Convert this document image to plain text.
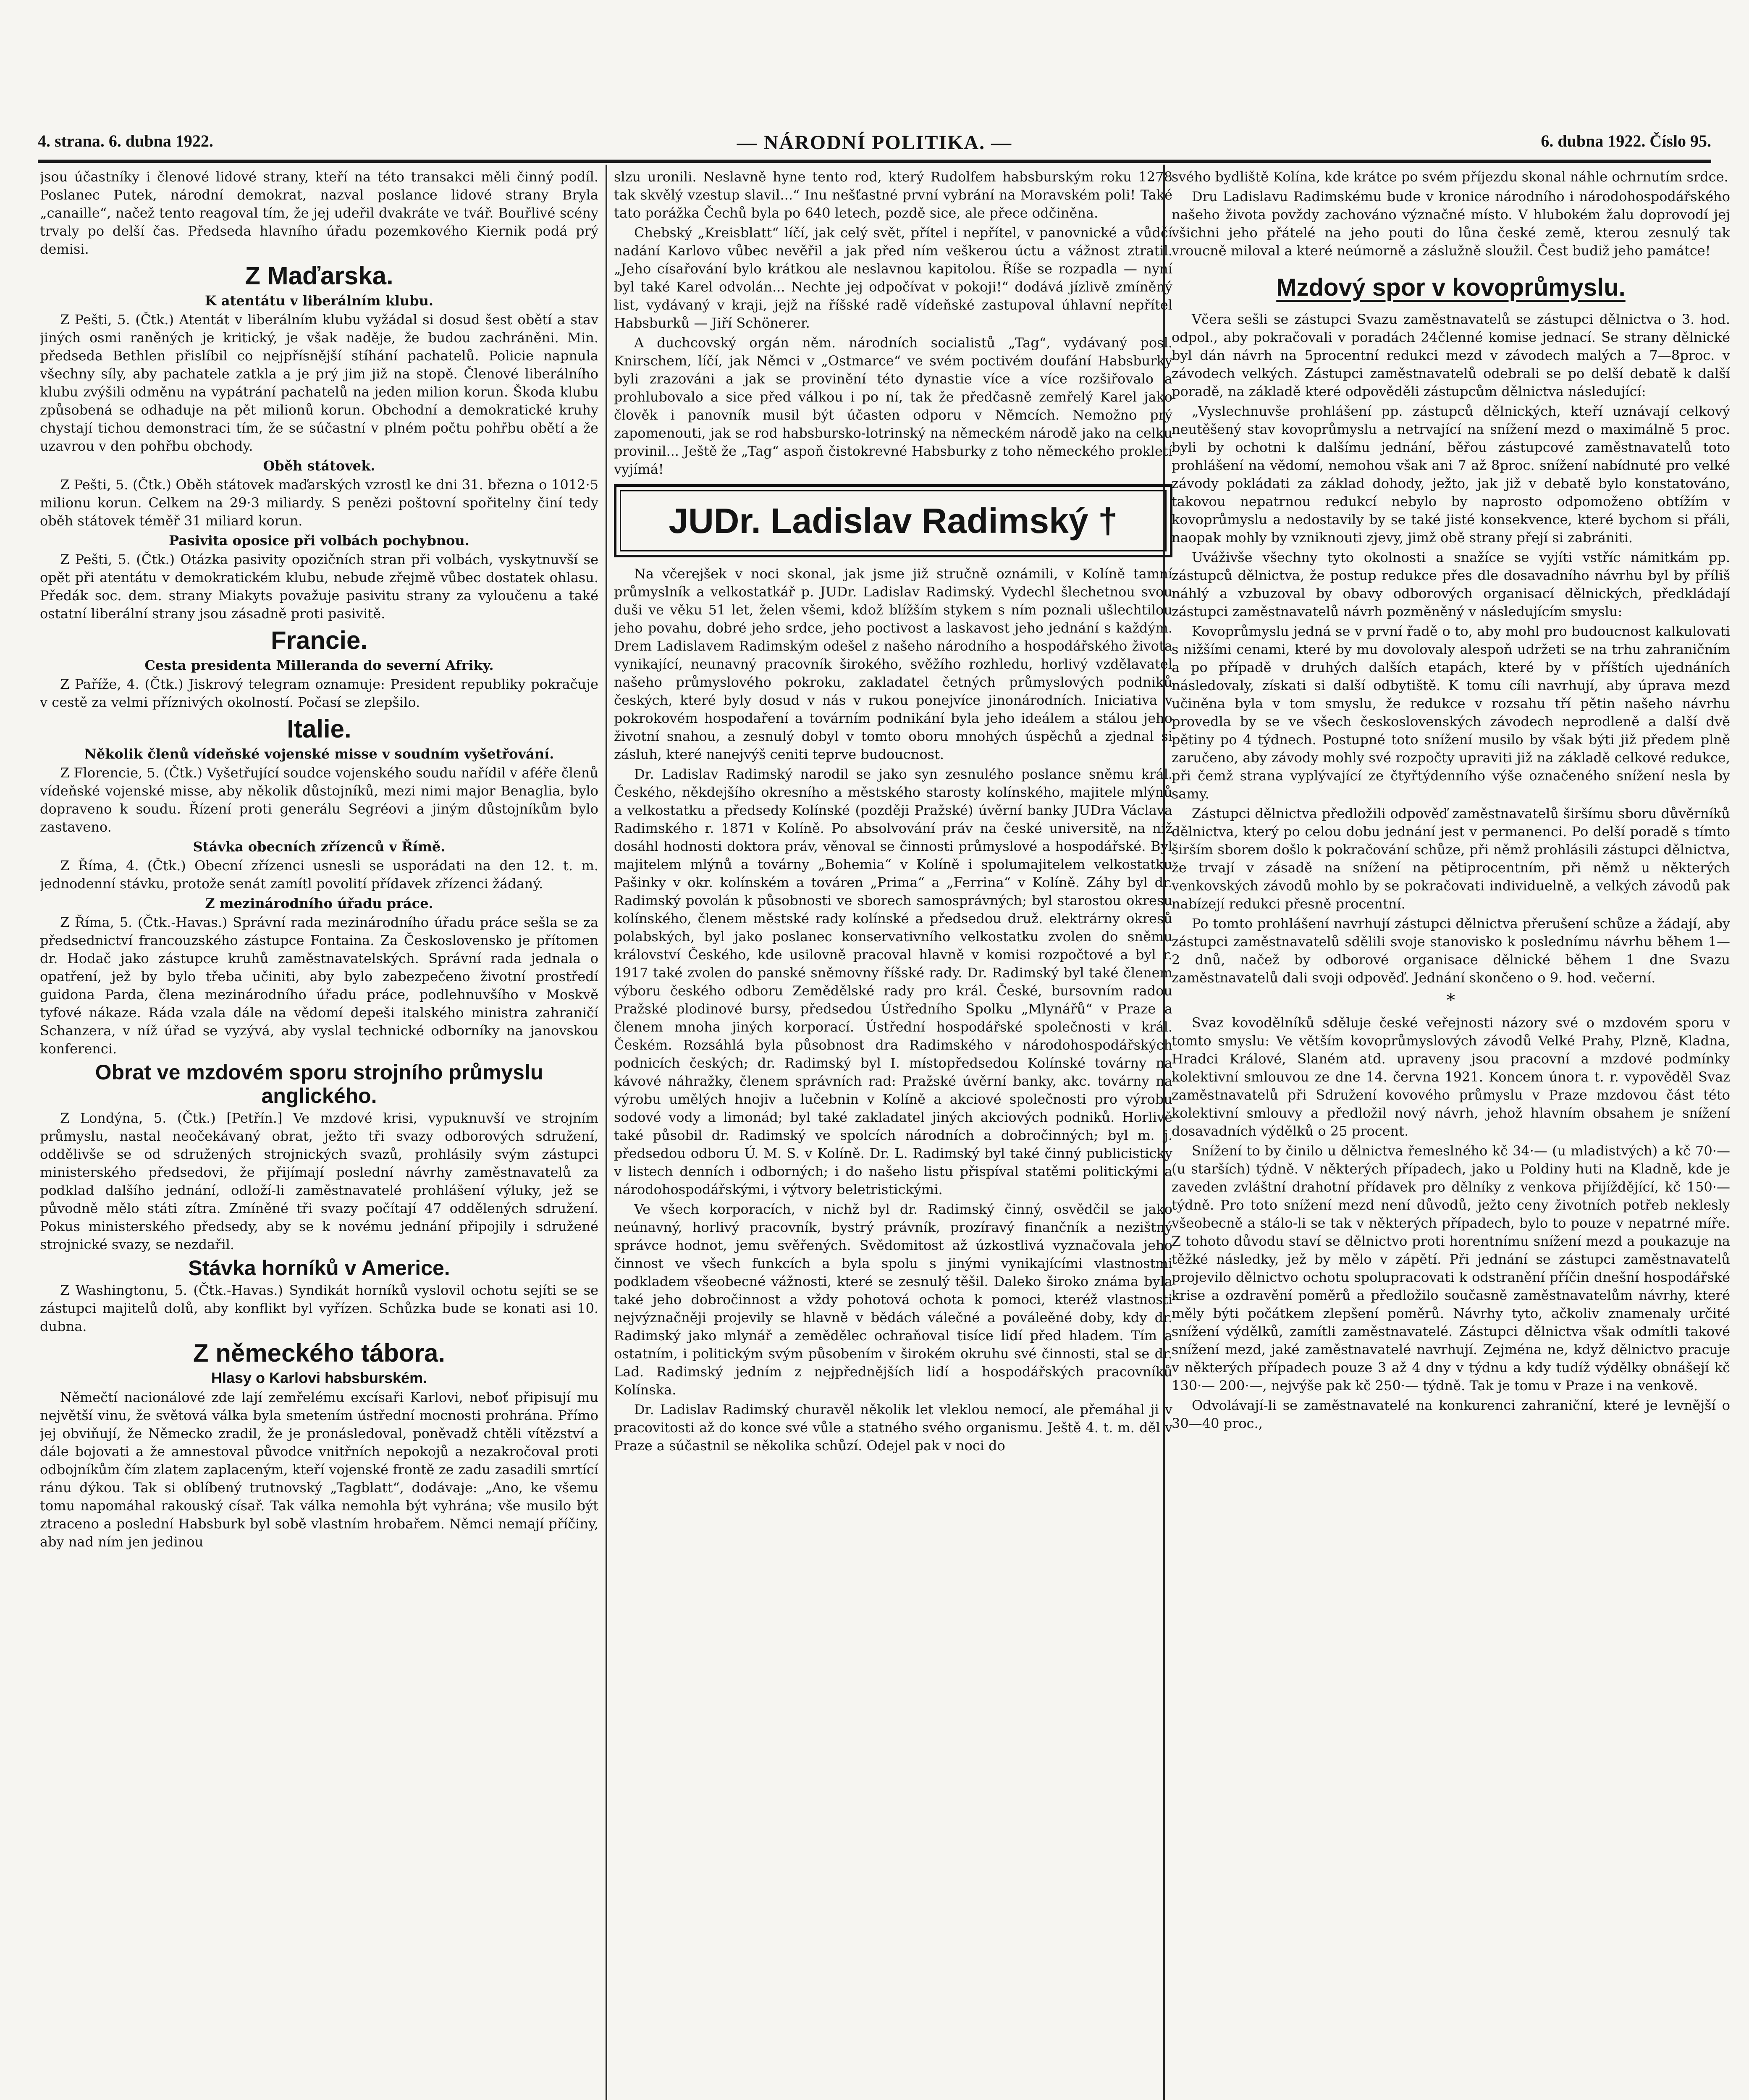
4. strana. 6. dubna 1922.	— NÁRODNÍ POLITIKA. —	6. dubna 1922. Číslo 95.

jsou účastníky i členové lidové strany, kteří na této transakci měli činný podíl. Poslanec Putek, národní demokrat, nazval poslance lidové strany Bryla „canaille“, načež tento reagoval tím, že jej udeřil dvakráte ve tvář. Bouřlivé scény trvaly po delší čas. Předseda hlavního úřadu pozemkového Kiernik podá prý demisi.

Z Maďarska.
K atentátu v liberálním klubu.

Z Pešti, 5. (Čtk.) Atentát v liberálním klubu vyžádal si dosud šest obětí a stav jiných osmi raněných je kritický, je však naděje, že budou zachráněni. Min. předseda Bethlen přislíbil co nejpřísnější stíhání pachatelů. Policie napnula všechny síly, aby pachatele zatkla a je prý jim již na stopě. Členové liberálního klubu zvýšili odměnu na vypátrání pachatelů na jeden milion korun. Škoda klubu způsobená se odhaduje na pět milionů korun. Obchodní a demokratické kruhy chystají tichou demonstraci tím, že se súčastní v plném počtu pohřbu obětí a že uzavrou v den pohřbu obchody.

Oběh státovek.

Z Pešti, 5. (Čtk.) Oběh státovek maďarských vzrostl ke dni 31. března o 1012·5 milionu korun. Celkem na 29·3 miliardy. S penězi poštovní spořitelny činí tedy oběh státovek téměř 31 miliard korun.

Pasivita oposice při volbách pochybnou.

Z Pešti, 5. (Čtk.) Otázka pasivity opozičních stran při volbách, vyskytnuvší se opět při atentátu v demokratickém klubu, nebude zřejmě vůbec dostatek ohlasu. Předák soc. dem. strany Miakyts považuje pasivitu strany za vyloučenu a také ostatní liberální strany jsou zásadně proti pasivitě.

Francie.
Cesta presidenta Milleranda do severní Afriky.

Z Paříže, 4. (Čtk.) Jiskrový telegram oznamuje: President republiky pokračuje v cestě za velmi příznivých okolností. Počasí se zlepšilo.

Italie.
Několik členů vídeňské vojenské misse v soudním vyšetřování.

Z Florencie, 5. (Čtk.) Vyšetřující soudce vojenského soudu nařídil v aféře členů vídeňské vojenské misse, aby několik důstojníků, mezi nimi major Benaglia, bylo dopraveno k soudu. Řízení proti generálu Segréovi a jiným důstojníkům bylo zastaveno.

Stávka obecních zřízenců v Římě.

Z Říma, 4. (Čtk.) Obecní zřízenci usnesli se usporádati na den 12. t. m. jednodenní stávku, protože senát zamítl povolití přídavek zřízenci žádaný.

Z mezinárodního úřadu práce.

Z Říma, 5. (Čtk.-Havas.) Správní rada mezinárodního úřadu práce sešla se za předsednictví francouzského zástupce Fontaina. Za Československo je přítomen dr. Hodač jako zástupce kruhů zaměstnavatelských. Správní rada jednala o opatření, jež by bylo třeba učiniti, aby bylo zabezpečeno životní prostředí guidona Parda, člena mezinárodního úřadu práce, podlehnuvšího v Moskvě tyfové nákaze. Ráda vzala dále na vědomí depeši italského ministra zahraničí Schanzera, v níž úřad se vyzývá, aby vyslal technické odborníky na janovskou konferenci.

Obrat ve mzdovém sporu strojního průmyslu anglického.

Z Londýna, 5. (Čtk.) [Petřín.] Ve mzdové krisi, vypuknuvší ve strojním průmyslu, nastal neočekávaný obrat, ježto tři svazy odborových sdružení, oddělivše se od sdružených strojnických svazů, prohlásily svým zástupci ministerského předsedovi, že přijímají poslední návrhy zaměstnavatelů za podklad dalšího jednání, odloží-li zaměstnavatelé prohlášení výluky, jež se původně mělo státi zítra. Zmíněné tři svazy počítají 47 oddělených sdružení. Pokus ministerského předsedy, aby se k novému jednání připojily i sdružené strojnické svazy, se nezdařil.

Stávka horníků v Americe.

Z Washingtonu, 5. (Čtk.-Havas.) Syndikát horníků vyslovil ochotu sejíti se se zástupci majitelů dolů, aby konflikt byl vyřízen. Schůzka bude se konati asi 10. dubna.

Z německého tábora.
Hlasy o Karlovi habsburském.

Němečtí nacionálové zde lají zemřelému excísaři Karlovi, neboť připisují mu největší vinu, že světová válka byla smetením ústřední mocnosti prohrána. Přímo jej obviňují, že Německo zradil, že je pronásledoval, poněvadž chtěli vítězství a dále bojovati a že amnestoval původce vnitřních nepokojů a nezakročoval proti odbojníkům čím zlatem zaplaceným, kteří vojenské frontě ze zadu zasadili smrtící ránu dýkou. Tak si oblíbený trutnovský „Tagblatt“, dodávaje: „Ano, ke všemu tomu napomáhal rakouský císař. Tak válka nemohla být vyhrána; vše musilo být ztraceno a poslední Habsburk byl sobě vlastním hrobařem. Němci nemají příčiny, aby nad ním jen jedinou

slzu uronili. Neslavně hyne tento rod, který Rudolfem habsburským roku 1278 tak skvělý vzestup slavil...“ Inu nešťastné první vybrání na Moravském poli! Také tato porážka Čechů byla po 640 letech, pozdě sice, ale přece odčiněna.

Chebský „Kreisblatt“ líčí, jak celý svět, přítel i nepřítel, v panovnické a vůdčí nadání Karlovo vůbec nevěřil a jak před ním veškerou úctu a vážnost ztratil. „Jeho císařování bylo krátkou ale neslavnou kapitolou. Říše se rozpadla — nyní byl také Karel odvolán... Nechte jej odpočívat v pokoji!“ dodává jízlivě zmíněný list, vydávaný v kraji, jejž na říšské radě vídeňské zastupoval úhlavní nepřítel Habsburků — Jiří Schönerer.

A duchcovský orgán něm. národních socialistů „Tag“, vydávaný posl. Knirschem, líčí, jak Němci v „Ostmarce“ ve svém poctivém doufání Habsburky byli zrazováni a jak se provinění této dynastie více a více rozšiřovalo a prohlubovalo a sice před válkou i po ní, tak že předčasně zemřelý Karel jako člověk i panovník musil být účasten odporu v Němcích. Nemožno prý zapomenouti, jak se rod habsbursko-lotrinský na německém národě jako na celku provinil... Ještě že „Tag“ aspoň čistokrevné Habsburky z toho německého prokletí vyjímá!

JUDr. Ladislav Radimský †

Na včerejšek v noci skonal, jak jsme již stručně oznámili, v Kolíně tamní průmyslník a velkostatkář p. JUDr. Ladislav Radimský. Vydechl šlechetnou svou duši ve věku 51 let, želen všemi, kdož blížším stykem s ním poznali ušlechtilou jeho povahu, dobré jeho srdce, jeho poctivost a laskavost jeho jednání s každým. Drem Ladislavem Radimským odešel z našeho národního a hospodářského života vynikající, neunavný pracovník širokého, svěžího rozhledu, horlivý vzdělavatel našeho průmyslového pokroku, zakladatel četných průmyslových podniků českých, které byly dosud v nás v rukou ponejvíce jinonárodních. Iniciativa v pokrokovém hospodaření a továrním podnikání byla jeho ideálem a stálou jeho životní snahou, a zesnulý dobyl v tomto oboru mnohých úspěchů a zjednal si zásluh, které nanejvýš ceniti teprve budoucnost.

Dr. Ladislav Radimský narodil se jako syn zesnulého poslance sněmu král. Českého, někdejšího okresního a městského starosty kolínského, majitele mlýnů a velkostatku a předsedy Kolínské (později Pražské) úvěrní banky JUDra Václava Radimského r. 1871 v Kolíně. Po absolvování práv na české universitě, na níž dosáhl hodnosti doktora práv, věnoval se činnosti průmyslové a hospodářské. Byl majitelem mlýnů a továrny „Bohemia“ v Kolíně i spolumajitelem velkostatku Pašinky v okr. kolínském a továren „Prima“ a „Ferrina“ v Kolíně. Záhy byl dr. Radimský povolán k působnosti ve sborech samosprávných; byl starostou okresu kolínského, členem městské rady kolínské a předsedou druž. elektrárny okresů polabských, byl jako poslanec konservativního velkostatku zvolen do sněmu království Českého, kde usilovně pracoval hlavně v komisi rozpočtové a byl r. 1917 také zvolen do panské sněmovny říšské rady. Dr. Radimský byl také členem výboru českého odboru Zemědělské rady pro král. České, bursovním radou Pražské plodinové bursy, předsedou Ústředního Spolku „Mlynářů“ v Praze a členem mnoha jiných korporací. Ústřední hospodářské společnosti v král. Českém. Rozsáhlá byla působnost dra Radimského v národohospodářských podnicích českých; dr. Radimský byl I. místopředsedou Kolínské továrny na kávové náhražky, členem správních rad: Pražské úvěrní banky, akc. továrny na výrobu umělých hnojiv a lučebnin v Kolíně a akciové společnosti pro výrobu sodové vody a limonád; byl také zakladatel jiných akciových podniků. Horlivě také působil dr. Radimský ve spolcích národních a dobročinných; byl m. j. předsedou odboru Ú. M. S. v Kolíně. Dr. L. Radimský byl také činný publicisticky v listech denních i odborných; i do našeho listu přispíval statěmi politickými a národohospodářskými, i výtvory beletristickými.

Ve všech korporacích, v nichž byl dr. Radimský činný, osvědčil se jako neúnavný, horlivý pracovník, bystrý právník, prozíravý finančník a nezištný správce hodnot, jemu svěřených. Svědomitost až úzkostlivá vyznačovala jeho činnost ve všech funkcích a byla spolu s jinými vynikajícími vlastnostmi podkladem všeobecné vážnosti, které se zesnulý těšil. Daleko široko známa byla také jeho dobročinnost a vždy pohotová ochota k pomoci, kteréž vlastnosti nejvýznačněji projevily se hlavně v bědách válečné a pováleěné doby, kdy dr. Radimský jako mlynář a zemědělec ochraňoval tisíce lidí před hladem. Tím a ostatním, i politickým svým působením v širokém okruhu své činnosti, stal se dr. Lad. Radimský jedním z nejpřednějších lidí a hospodářských pracovníků Kolínska.

Dr. Ladislav Radimský churavěl několik let vleklou nemocí, ale přemáhal ji v pracovitosti až do konce své vůle a statného svého organismu. Ještě 4. t. m. děl v Praze a súčastnil se několika schůzí. Odejel pak v noci do

svého bydliště Kolína, kde krátce po svém příjezdu skonal náhle ochrnutím srdce.

Dru Ladislavu Radimskému bude v kronice národního i národohospodářského našeho života povždy zachováno význačné místo. V hlubokém žalu doprovodí jej všichni jeho přátelé na jeho pouti do lůna české země, kterou zesnulý tak vroucně miloval a které neúmorně a záslužně sloužil. Čest budiž jeho památce!

Mzdový spor v kovoprůmyslu.

Včera sešli se zástupci Svazu zaměstnavatelů se zástupci dělnictva o 3. hod. odpol., aby pokračovali v poradách 24členné komise jednací. Se strany dělnické byl dán návrh na 5procentní redukci mezd v závodech malých a 7—8proc. v závodech velkých. Zástupci zaměstnavatelů odebrali se po delší debatě k další poradě, na základě které odpověděli zástupcům dělnictva následující:

„Vyslechnuvše prohlášení pp. zástupců dělnických, kteří uznávají celkový neutěšený stav kovoprůmyslu a netrvající na snížení mezd o maximálně 5 proc. byli by ochotni k dalšímu jednání, běřou zástupcové zaměstnavatelů toto prohlášení na vědomí, nemohou však ani 7 až 8proc. snížení nabídnuté pro velké závody pokládati za základ dohody, ježto, jak již v debatě bylo konstatováno, takovou nepatrnou redukcí nebylo by naprosto odpomoženo obtížím v kovoprůmyslu a nedostavily by se také jisté konsekvence, které bychom si přáli, naopak mohly by vzniknouti zjevy, jimž obě strany přejí si zabrániti.

Uváživše všechny tyto okolnosti a snažíce se vyjíti vstříc námitkám pp. zástupců dělnictva, že postup redukce přes dle dosavadního návrhu byl by příliš náhlý a vzbuzoval by obavy odborových organisací dělnických, předkládají zástupci zaměstnavatelů návrh pozměněný v následujícím smyslu:

Kovoprůmyslu jedná se v první řadě o to, aby mohl pro budoucnost kalkulovati s nižšími cenami, které by mu dovolovaly alespoň udržeti se na trhu zahraničním a po případě v druhých dalších etapách, které by v příštích ujednáních následovaly, získati si další odbytiště. K tomu cíli navrhují, aby úprava mezd učiněna byla v tom smyslu, že redukce v rozsahu tří pětin našeho návrhu provedla by se ve všech československých závodech neprodleně a další dvě pětiny po 4 týdnech. Postupné toto snížení musilo by však býti již předem plně zaručeno, aby závody mohly své rozpočty upraviti již na základě celkové redukce, při čemž strana vyplývající ze čtyřtýdenního výše označeného snížení nesla by samy.

Zástupci dělnictva předložili odpověď zaměstnavatelů širšímu sboru důvěrníků dělnictva, který po celou dobu jednání jest v permanenci. Po delší poradě s tímto širším sborem došlo k pokračování schůze, při němž prohlásili zástupci dělnictva, že trvají v zásadě na snížení na pětiprocentním, při němž u některých venkovských závodů mohlo by se pokračovati individuelně, a velkých závodů pak nabízejí redukci přesně procentní.

Po tomto prohlášení navrhují zástupci dělnictva přerušení schůze a žádají, aby zástupci zaměstnavatelů sdělili svoje stanovisko k poslednímu návrhu během 1—2 dnů, načež by odborové organisace dělnické během 1 dne Svazu zaměstnavatelů dali svoji odpověď. Jednání skončeno o 9. hod. večerní.

*

Svaz kovodělníků sděluje české veřejnosti názory své o mzdovém sporu v tomto smyslu: Ve větším kovoprůmyslových závodů Velké Prahy, Plzně, Kladna, Hradci Králové, Slaném atd. upraveny jsou pracovní a mzdové podmínky kolektivní smlouvou ze dne 14. června 1921. Koncem února t. r. vypověděl Svaz zaměstnavatelů při Sdružení kovového průmyslu v Praze mzdovou část této kolektivní smlouvy a předložil nový návrh, jehož hlavním obsahem je snížení dosavadních výdělků o 25 procent.

Snížení to by činilo u dělnictva řemeslného kč 34·— (u mladistvých) a kč 70·— (u starších) týdně. V některých případech, jako u Poldiny huti na Kladně, kde je zaveden zvláštní drahotní přídavek pro dělníky z venkova přijíždějící, kč 150·— týdně. Pro toto snížení mezd není důvodů, ježto ceny životních potřeb neklesly všeobecně a stálo-li se tak v některých případech, bylo to pouze v nepatrné míře. Z tohoto důvodu staví se dělnictvo proti horentnímu snížení mezd a poukazuje na těžké následky, jež by mělo v zápětí. Při jednání se zástupci zaměstnavatelů projevilo dělnictvo ochotu spolupracovati k odstranění příčin dnešní hospodářské krise a ozdravění poměrů a předložilo současně zaměstnavatelům návrhy, které měly býti počátkem zlepšení poměrů. Návrhy tyto, ačkoliv znamenaly určité snížení výdělků, zamítli zaměstnavatelé. Zástupci dělnictva však odmítli takové snížení mezd, jaké zaměstnavatelé navrhují. Zejména ne, když dělnictvo pracuje v některých případech pouze 3 až 4 dny v týdnu a kdy tudíž výdělky obnášejí kč 130·— 200·—, nejvýše pak kč 250·— týdně. Tak je tomu v Praze i na venkově.

Odvolávají-li se zaměstnavatelé na konkurenci zahraniční, které je levnější o 30—40 proc.,
